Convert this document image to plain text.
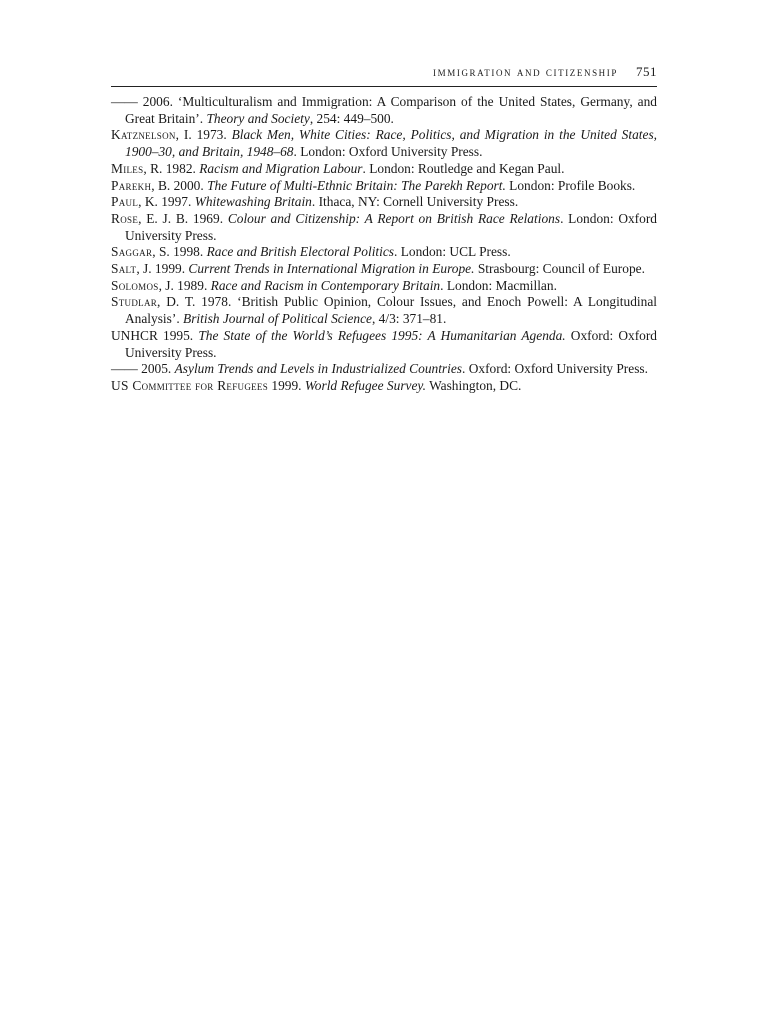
immigration and citizenship 751

—— 2006. ‘Multiculturalism and Immigration: A Comparison of the United States, Germany, and Great Britain’. Theory and Society, 254: 449–500.

Katznelson, I. 1973. Black Men, White Cities: Race, Politics, and Migration in the United States, 1900–30, and Britain, 1948–68. London: Oxford University Press.

Miles, R. 1982. Racism and Migration Labour. London: Routledge and Kegan Paul.

Parekh, B. 2000. The Future of Multi-Ethnic Britain: The Parekh Report. London: Profile Books.

Paul, K. 1997. Whitewashing Britain. Ithaca, NY: Cornell University Press.

Rose, E. J. B. 1969. Colour and Citizenship: A Report on British Race Relations. London: Oxford University Press.

Saggar, S. 1998. Race and British Electoral Politics. London: UCL Press.

Salt, J. 1999. Current Trends in International Migration in Europe. Strasbourg: Council of Europe.

Solomos, J. 1989. Race and Racism in Contemporary Britain. London: Macmillan.

Studlar, D. T. 1978. ‘British Public Opinion, Colour Issues, and Enoch Powell: A Longitudinal Analysis’. British Journal of Political Science, 4/3: 371–81.

UNHCR 1995. The State of the World’s Refugees 1995: A Humanitarian Agenda. Oxford: Oxford University Press.

—— 2005. Asylum Trends and Levels in Industrialized Countries. Oxford: Oxford University Press.

US Committee for Refugees 1999. World Refugee Survey. Washington, DC.
